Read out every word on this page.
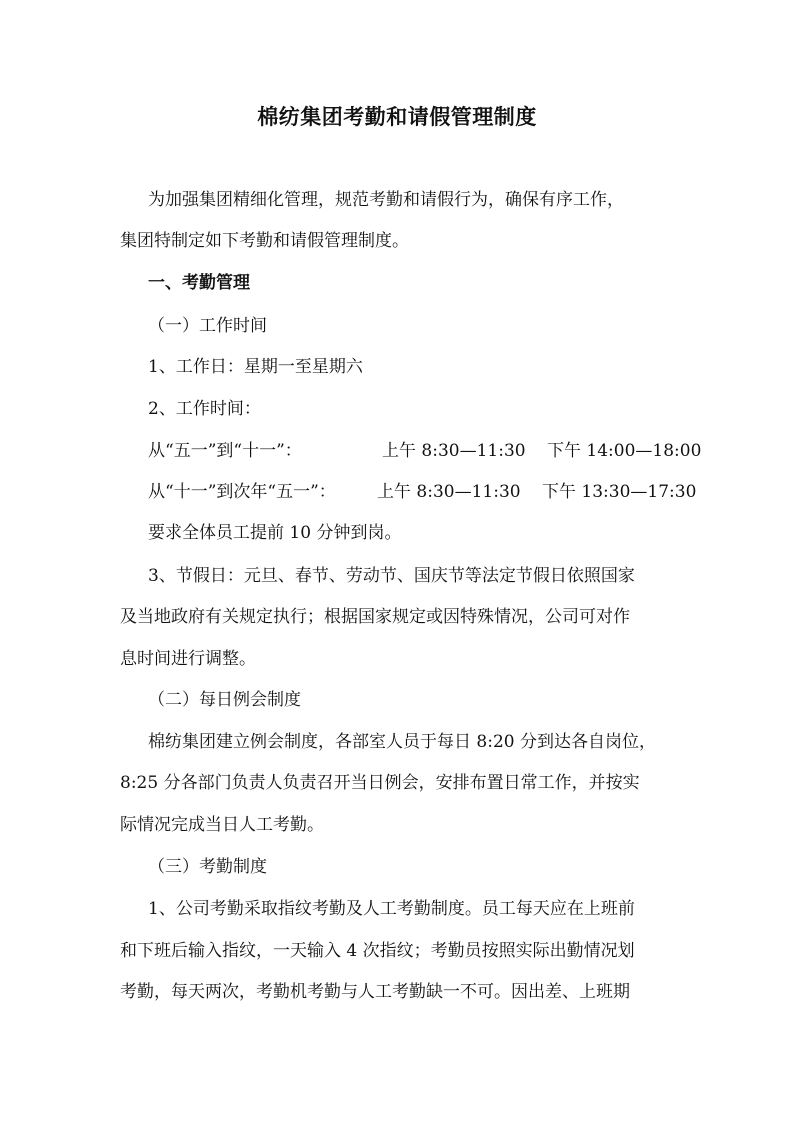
棉纺集团考勤和请假管理制度
为加强集团精细化管理，规范考勤和请假行为，确保有序工作，
集团特制定如下考勤和请假管理制度。
一、考勤管理
（一）工作时间
1、工作日：星期一至星期六
2、工作时间：
从“五一”到“十一”：	上午 8:30—11:30 下午 14:00—18:00
从“十一”到次年“五一”： 上午 8:30—11:30 下午 13:30—17:30
要求全体员工提前 10 分钟到岗。
3、节假日：元旦、春节、劳动节、国庆节等法定节假日依照国家
及当地政府有关规定执行；根据国家规定或因特殊情况，公司可对作
息时间进行调整。
（二）每日例会制度
棉纺集团建立例会制度，各部室人员于每日 8:20 分到达各自岗位，
8:25 分各部门负责人负责召开当日例会，安排布置日常工作，并按实
际情况完成当日人工考勤。
（三）考勤制度
1、公司考勤采取指纹考勤及人工考勤制度。员工每天应在上班前
和下班后输入指纹，一天输入 4 次指纹；考勤员按照实际出勤情况划
考勤，每天两次，考勤机考勤与人工考勤缺一不可。因出差、上班期
